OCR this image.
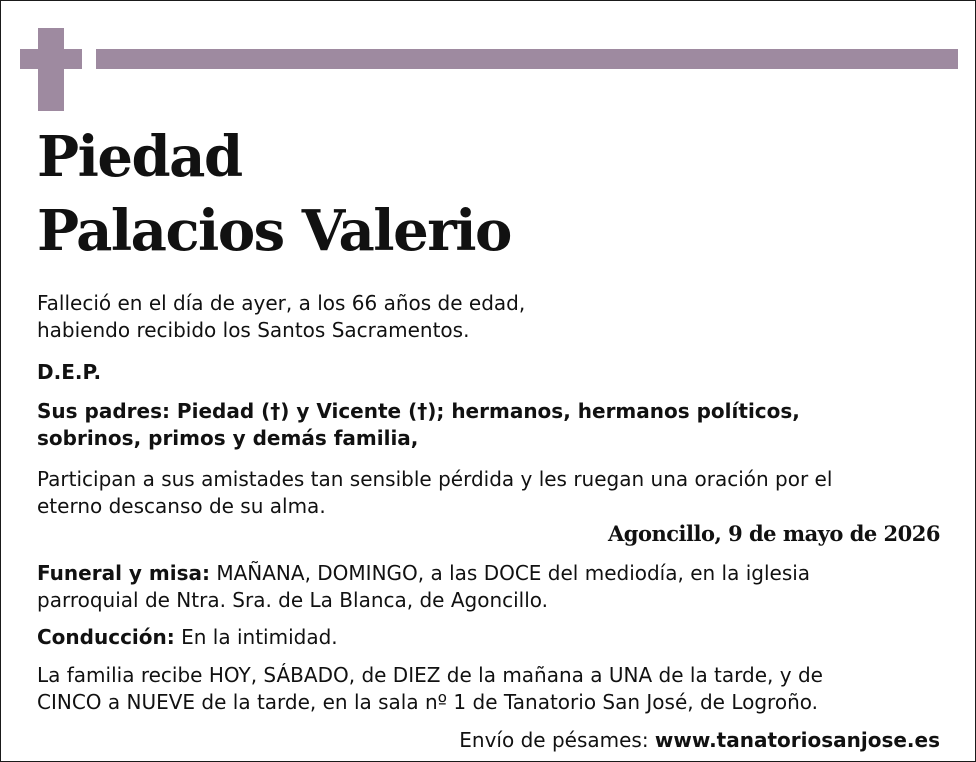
Piedad
Palacios Valerio

Falleció en el día de ayer, a los 66 años de edad,
habiendo recibido los Santos Sacramentos.

D.E.P.

Sus padres: Piedad (†) y Vicente (†); hermanos, hermanos políticos,
sobrinos, primos y demás familia,

Participan a sus amistades tan sensible pérdida y les ruegan una oración por el
eterno descanso de su alma.

Agoncillo, 9 de mayo de 2026

Funeral y misa: MAÑANA, DOMINGO, a las DOCE del mediodía, en la iglesia
parroquial de Ntra. Sra. de La Blanca, de Agoncillo.

Conducción: En la intimidad.

La familia recibe HOY, SÁBADO, de DIEZ de la mañana a UNA de la tarde, y de
CINCO a NUEVE de la tarde, en la sala nº 1 de Tanatorio San José, de Logroño.

Envío de pésames: www.tanatoriosanjose.es
